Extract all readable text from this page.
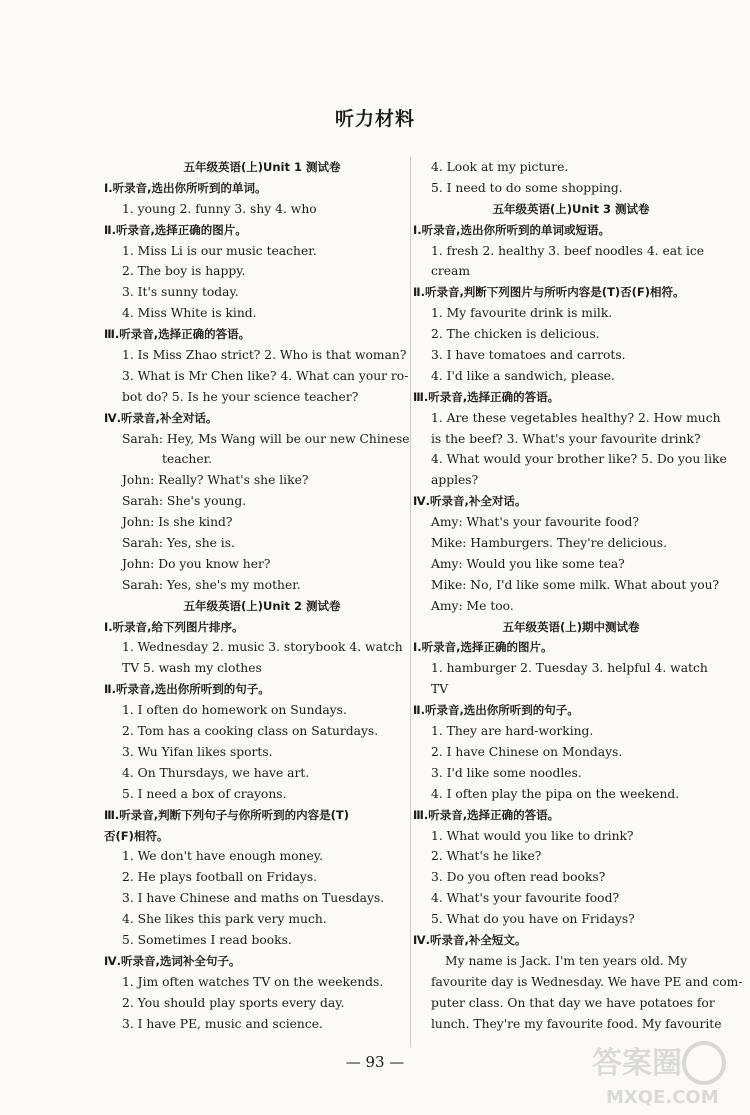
听力材料
五年级英语(上)Unit 1 测试卷
Ⅰ.听录音,选出你所听到的单词。
1. young 2. funny 3. shy 4. who
Ⅱ.听录音,选择正确的图片。
1. Miss Li is our music teacher.
2. The boy is happy.
3. It's sunny today.
4. Miss White is kind.
Ⅲ.听录音,选择正确的答语。
1. Is Miss Zhao strict? 2. Who is that woman?
3. What is Mr Chen like? 4. What can your ro-
bot do? 5. Is he your science teacher?
Ⅳ.听录音,补全对话。
Sarah: Hey, Ms Wang will be our new Chinese
teacher.
John: Really? What's she like?
Sarah: She's young.
John: Is she kind?
Sarah: Yes, she is.
John: Do you know her?
Sarah: Yes, she's my mother.
五年级英语(上)Unit 2 测试卷
Ⅰ.听录音,给下列图片排序。
1. Wednesday 2. music 3. storybook 4. watch
TV 5. wash my clothes
Ⅱ.听录音,选出你所听到的句子。
1. I often do homework on Sundays.
2. Tom has a cooking class on Saturdays.
3. Wu Yifan likes sports.
4. On Thursdays, we have art.
5. I need a box of crayons.
Ⅲ.听录音,判断下列句子与你所听到的内容是(T)
否(F)相符。
1. We don't have enough money.
2. He plays football on Fridays.
3. I have Chinese and maths on Tuesdays.
4. She likes this park very much.
5. Sometimes I read books.
Ⅳ.听录音,选词补全句子。
1. Jim often watches TV on the weekends.
2. You should play sports every day.
3. I have PE, music and science.
4. Look at my picture.
5. I need to do some shopping.
五年级英语(上)Unit 3 测试卷
Ⅰ.听录音,选出你所听到的单词或短语。
1. fresh 2. healthy 3. beef noodles 4. eat ice
cream
Ⅱ.听录音,判断下列图片与所听内容是(T)否(F)相符。
1. My favourite drink is milk.
2. The chicken is delicious.
3. I have tomatoes and carrots.
4. I'd like a sandwich, please.
Ⅲ.听录音,选择正确的答语。
1. Are these vegetables healthy? 2. How much
is the beef? 3. What's your favourite drink?
4. What would your brother like? 5. Do you like
apples?
Ⅳ.听录音,补全对话。
Amy: What's your favourite food?
Mike: Hamburgers. They're delicious.
Amy: Would you like some tea?
Mike: No, I'd like some milk. What about you?
Amy: Me too.
五年级英语(上)期中测试卷
Ⅰ.听录音,选择正确的图片。
1. hamburger 2. Tuesday 3. helpful 4. watch
TV
Ⅱ.听录音,选出你所听到的句子。
1. They are hard-working.
2. I have Chinese on Mondays.
3. I'd like some noodles.
4. I often play the pipa on the weekend.
Ⅲ.听录音,选择正确的答语。
1. What would you like to drink?
2. What's he like?
3. Do you often read books?
4. What's your favourite food?
5. What do you have on Fridays?
Ⅳ.听录音,补全短文。
My name is Jack. I'm ten years old. My
favourite day is Wednesday. We have PE and com-
puter class. On that day we have potatoes for
lunch. They're my favourite food. My favourite
— 93 —	答案圈
MXQE.COM
